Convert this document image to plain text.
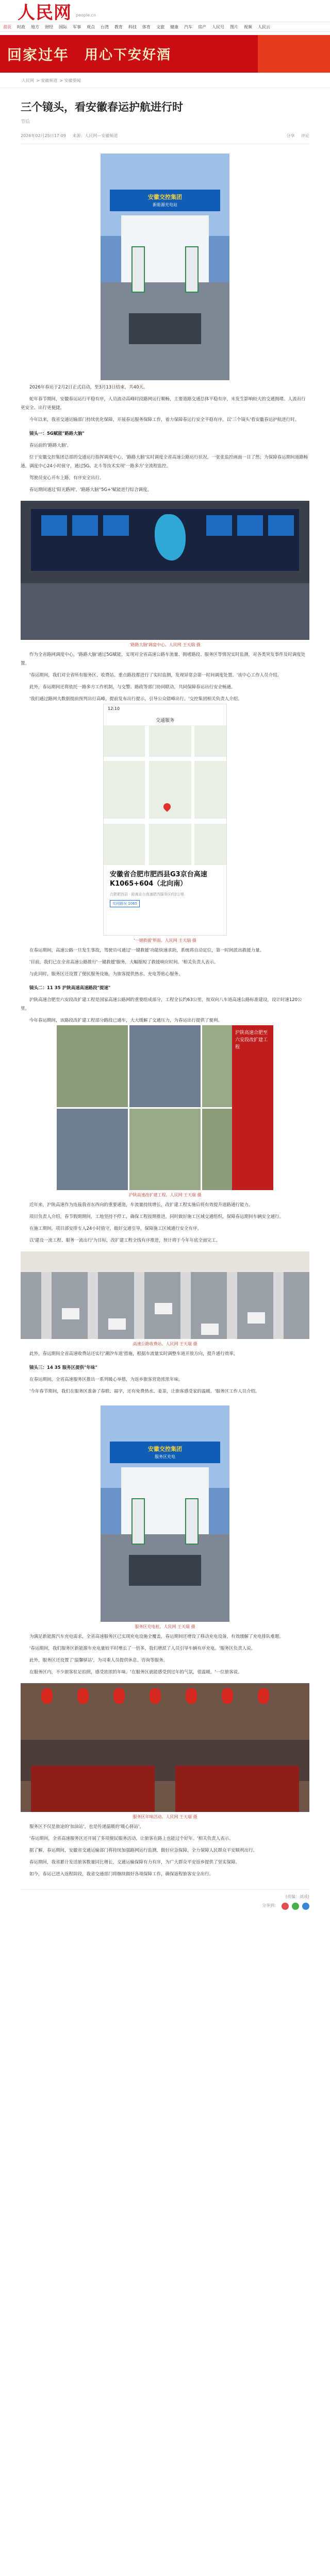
人民网 people.cn
首页 时政 地方 财经 国际 军事 观点 台湾 教育 科技 体育 文旅 健康 汽车 房产 人民号 图片 视频 人民云
回家过年 用心下安好酒
人民网 > 安徽频道 > 安徽要闻
三个镜头，看安徽春运护航进行时
节后
2026年02月25日17:09 来源：人民网—安徽频道	分享 评论
安徽交控集团
新能源充电站

2026年春运于2月2日正式启动，至3月13日结束，共40天。

蛇年春节期间，安徽春运运行平稳有序，人员流动高峰时段路网运行顺畅，主要道路交通总体平稳有序，未发生影响较大的交通拥堵。人流出行更安全、出行更便捷。

今年以来，我省交通运输部门持续优化保障，开展春运服务保障工作，着力保障春运行安全平稳有序，以'三个镜头'看安徽春运护航进行时。

镜头一：5G赋能"路路大脑"

春运前的'路路大脑'。

位于安徽交控集团总部的交通运行指挥调度中心，'路路大脑'实时调度全省高速公路运行状况，一张张监控画面一目了然；为保障春运期间道路畅通，调度中心24小时值守，通过5G、北斗等技术实现'一路多方'全流程监控。

驾驶员安心开车上路，有序安全出行。

春运期间通过'阳光路网'，'路路大脑''5G+'赋能进行综合调度。

'路路大脑'调度中心。人民网 王天瑞 摄

作为全省路网调度中心，'路路大脑'通过5G赋能，实现对全省高速公路车流量、拥堵路段、服务区等情况实时监测，对各类突发事件及时调度处置。

'春运期间，我们对全省所有服务区、收费站、重点路段都进行了实时监测，发现异常会第一时间调度处置。'该中心工作人员介绍。

此外，春运期间还将依托一路多方工作机制，与交警、路政等部门协同联动，共同保障春运出行安全畅通。

'我们通过路网大数据提前预判出行高峰，提前发布出行提示，引导公众错峰出行。'交控集团相关负责人介绍。

12:10
交通服务
安徽省合肥市肥西县G3京台高速K1065+604（北向南）
合肥肥西县 · 距离京台高速肥西服务区约2公里
实时路况 1065
'一键救援'界面。人民网 王天瑞 摄

在春运期间，高速公路一旦发生事故，驾驶员可通过'一键救援'功能快速求助，系统将自动定位，第一时间派出救援力量。

'目前，我们已在全省高速公路推行'一键救援'服务，大幅缩短了救援响应时间。'相关负责人表示。

与此同时，服务区还设置了便民服务设施，为旅客提供热水、充电等贴心服务。

镜头二：11 35 沪陕高速高速路段"提速"

沪陕高速合肥至六安段改扩建工程是国家高速公路网的重要组成部分，工程全长约63公里，按双向八车道高速公路标准建设，设计时速120公里。

今年春运期间，该路段改扩建工程部分路段已通车，大大缓解了交通压力，为春运出行提供了便利。

沪陕高速合肥至六安段改扩建工程
沪陕高速改扩建工程。人民网 王天瑞 摄

近年来，沪陕高速作为连接我省东西向的重要通道，车流量持续增长，改扩建工程实施后将有效提升道路通行能力。

项目负责人介绍，春节假期期间，工地坚持不停工，确保工程按期推进，同时做好施工区域交通组织，保障春运期间车辆安全通行。

在施工期间，项目部安排专人24小时值守，做好交通引导，保障施工区域通行安全有序。

以'建设一流工程、服务一流出行'为目标，改扩建工程全线有序推进，预计将于今年年底全面完工。

高速公路收费站。人民网 王天瑞 摄

此外，春运期间全省高速收费站还实行'潮汐车道'措施，根据车流量实时调整车道开放方向，提升通行效率。

镜头三：14 35 服务区提供"年味"

在春运期间，全省高速服务区推出一系列暖心举措，为返乡旅客营造浓浓年味。

'今年春节期间，我们在服务区准备了春联、福字，还有免费热水、姜茶，让旅客感受家的温暖。'服务区工作人员介绍。

安徽交控集团
服务区充电
服务区充电桩。人民网 王天瑞 摄

为满足新能源汽车充电需求，全省高速服务区已实现充电设施全覆盖，春运期间还增设了移动充电设备，有效缓解了充电排队难题。

'春运期间，我们服务区新能源车充电量较平时增长了一倍多，我们增派了人员引导车辆有序充电。'服务区负责人说。

此外，服务区还设置了'温馨驿站'，为司乘人员提供休息、咨询等服务。

在服务区内，不少旅客驻足拍照，感受浓浓的年味。'在服务区就能感受到过年的气氛，很温暖。'一位旅客说。

服务区年味活动。人民网 王天瑞 摄

服务区不仅是旅途的'加油站'，也是传递温暖的'暖心驿站'。

'春运期间，全省高速服务区还开展了多项便民服务活动，让旅客在路上也能过个好年。'相关负责人表示。

据了解，春运期间，安徽省交通运输部门将持续加强路网运行监测，做好应急保障，全力保障人民群众平安顺利出行。

春运期间，我省累计发送旅客数量同比增长，交通运输保障有力有序，为广大群众平安返乡提供了坚实保障。

如今，春运已进入返程阶段，我省交通部门将继续做好各项保障工作，确保返程旅客安全出行。

(责编：刘成)
分享到：
